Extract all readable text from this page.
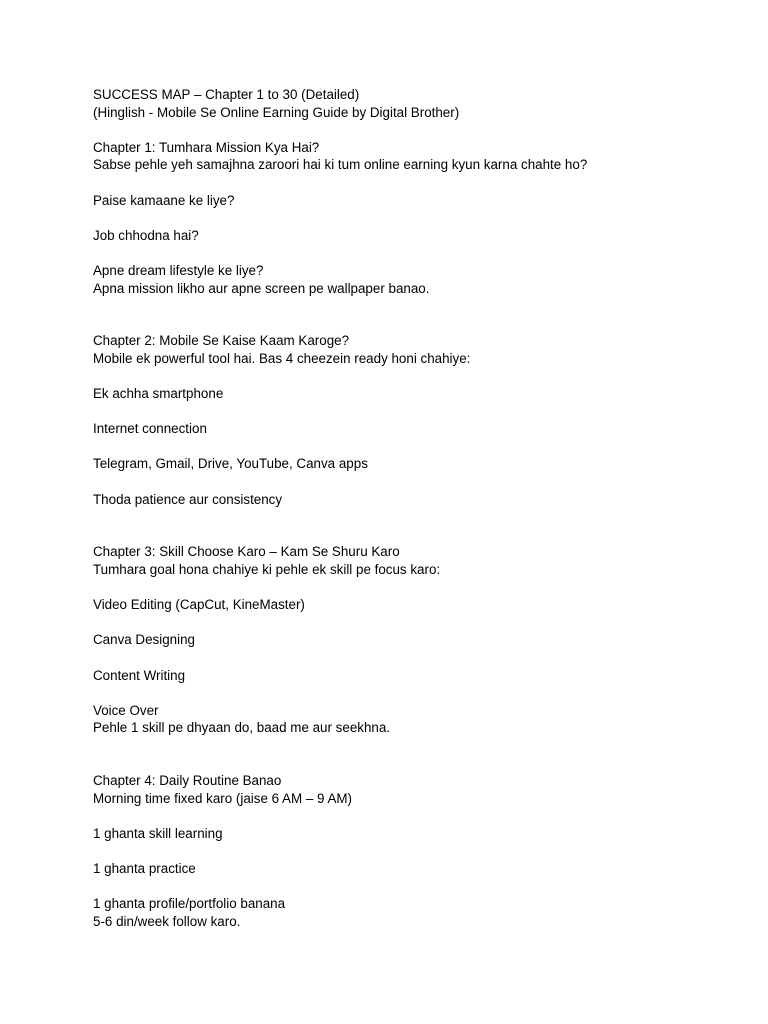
SUCCESS MAP – Chapter 1 to 30 (Detailed)
(Hinglish - Mobile Se Online Earning Guide by Digital Brother)
Chapter 1: Tumhara Mission Kya Hai?
Sabse pehle yeh samajhna zaroori hai ki tum online earning kyun karna chahte ho?
Paise kamaane ke liye?
Job chhodna hai?
Apne dream lifestyle ke liye?
Apna mission likho aur apne screen pe wallpaper banao.
Chapter 2: Mobile Se Kaise Kaam Karoge?
Mobile ek powerful tool hai. Bas 4 cheezein ready honi chahiye:
Ek achha smartphone
Internet connection
Telegram, Gmail, Drive, YouTube, Canva apps
Thoda patience aur consistency
Chapter 3: Skill Choose Karo – Kam Se Shuru Karo
Tumhara goal hona chahiye ki pehle ek skill pe focus karo:
Video Editing (CapCut, KineMaster)
Canva Designing
Content Writing
Voice Over
Pehle 1 skill pe dhyaan do, baad me aur seekhna.
Chapter 4: Daily Routine Banao
Morning time fixed karo (jaise 6 AM – 9 AM)
1 ghanta skill learning
1 ghanta practice
1 ghanta profile/portfolio banana
5-6 din/week follow karo.
